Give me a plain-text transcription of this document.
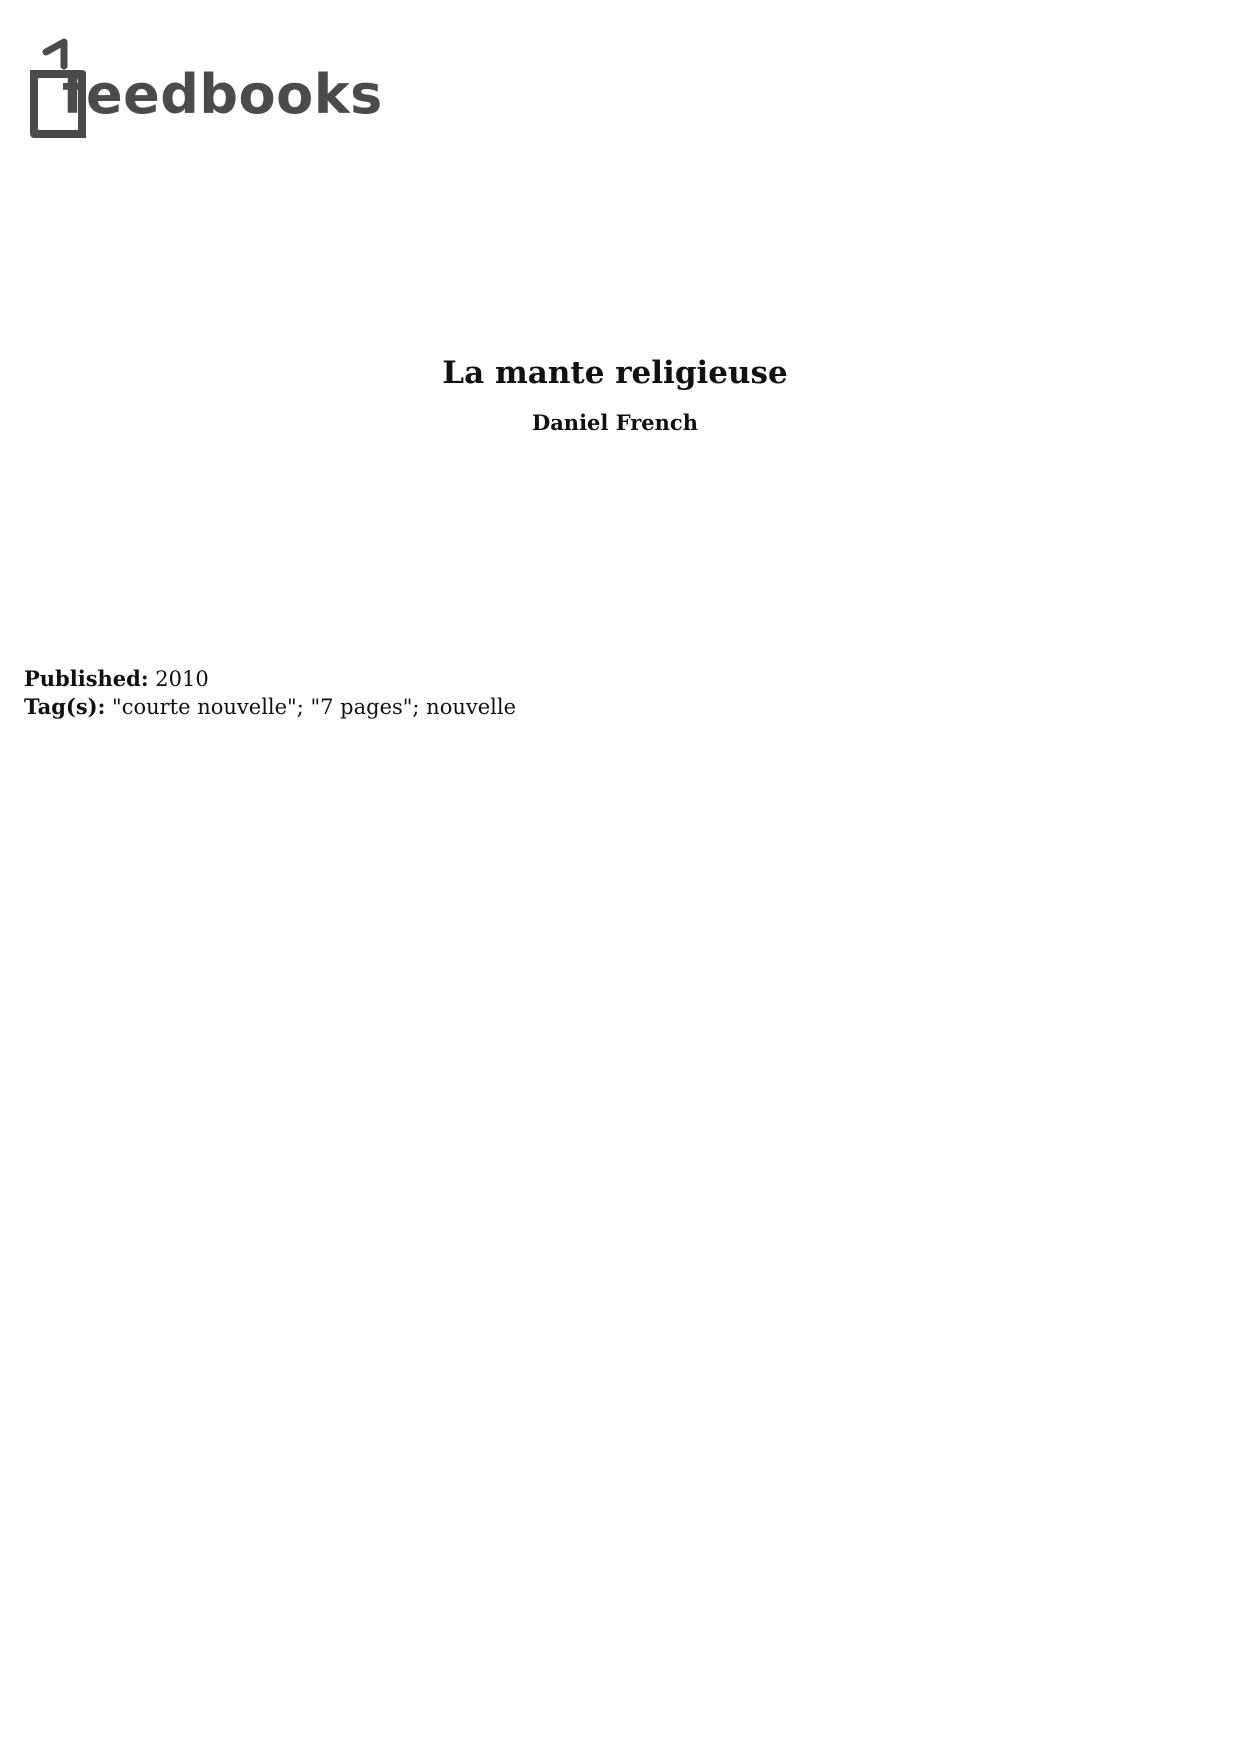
feedbooks
La mante religieuse
Daniel French
Published: 2010
Tag(s): "courte nouvelle"; "7 pages"; nouvelle
